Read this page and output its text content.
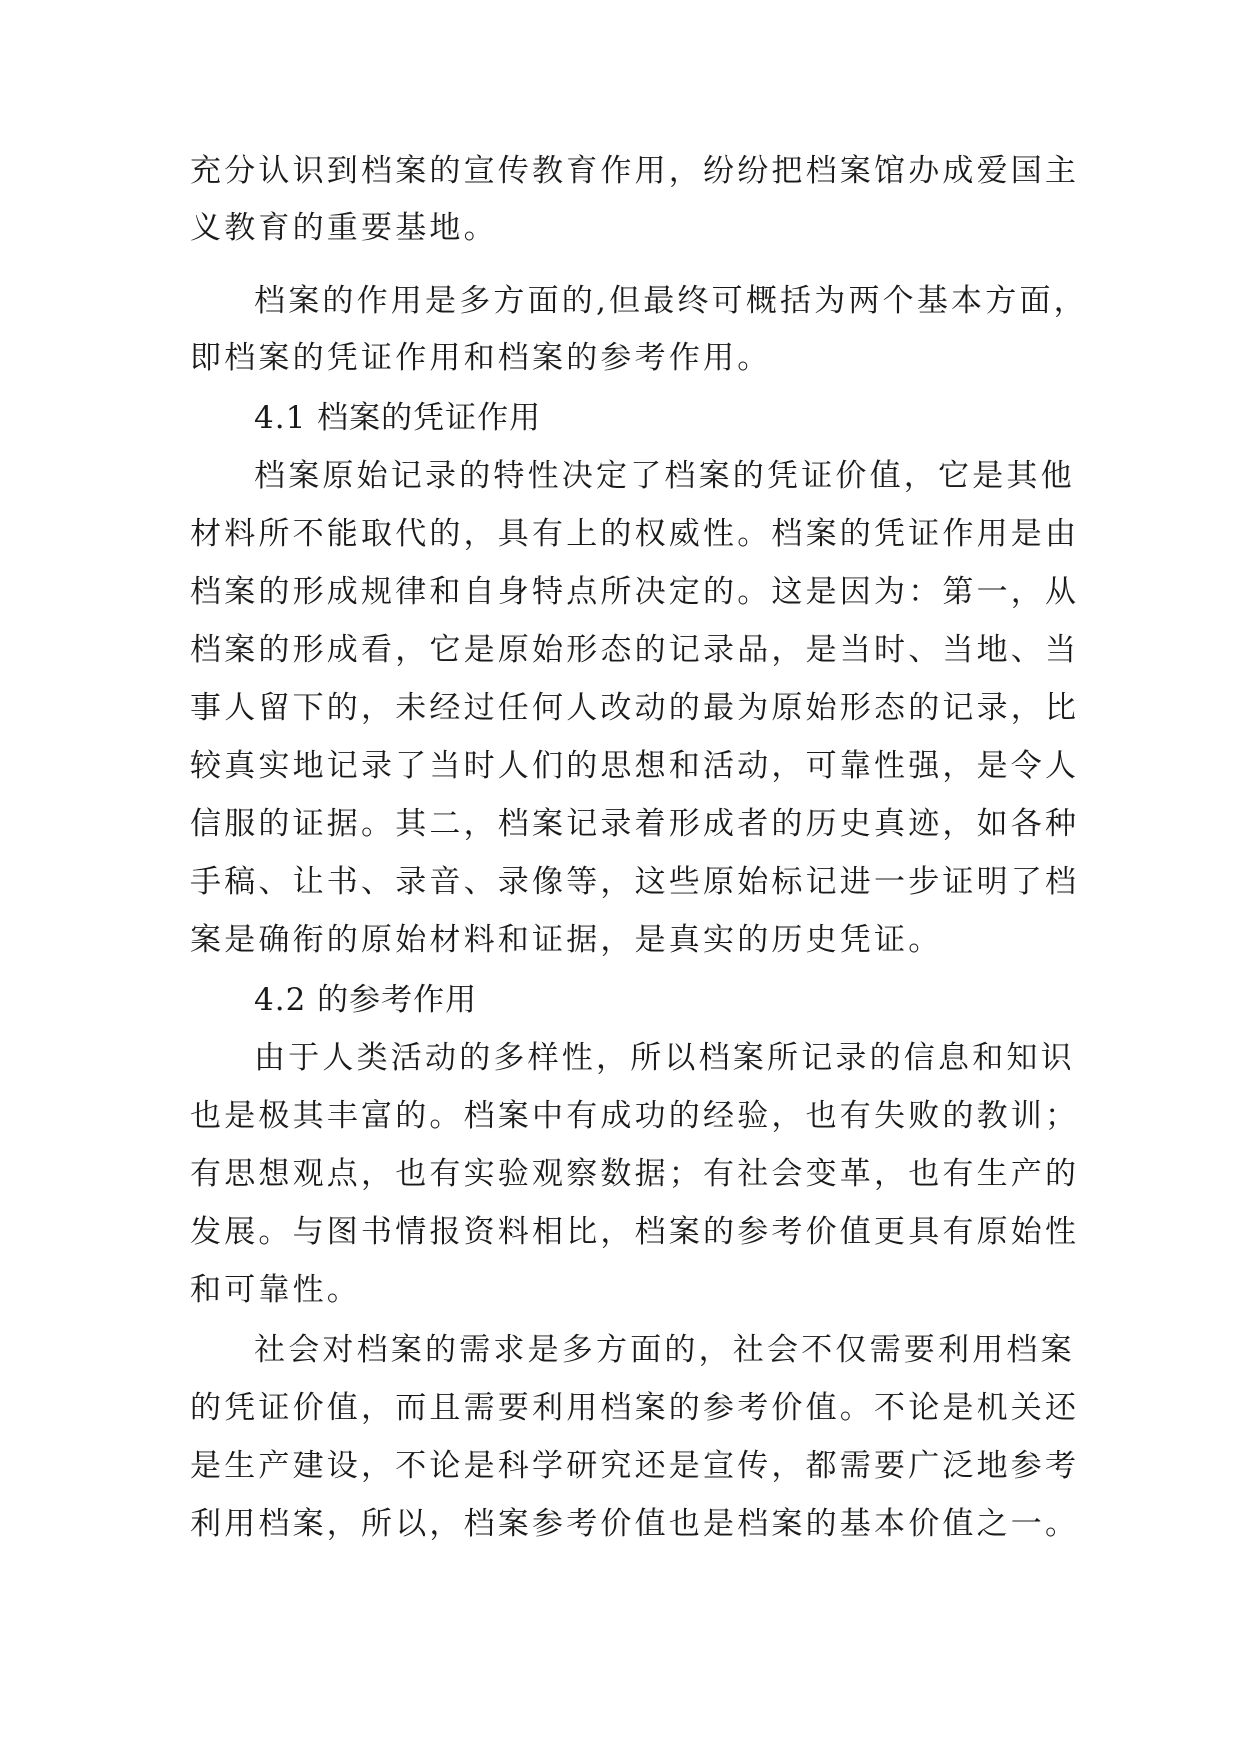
充分认识到档案的宣传教育作用，纷纷把档案馆办成爱国主
义教育的重要基地。
档案的作用是多方面的,但最终可概括为两个基本方面，
即档案的凭证作用和档案的参考作用。
4.1 档案的凭证作用
档案原始记录的特性决定了档案的凭证价值，它是其他
材料所不能取代的，具有上的权威性。档案的凭证作用是由
档案的形成规律和自身特点所决定的。这是因为：第一，从
档案的形成看，它是原始形态的记录品，是当时、当地、当
事人留下的，未经过任何人改动的最为原始形态的记录，比
较真实地记录了当时人们的思想和活动，可靠性强，是令人
信服的证据。其二，档案记录着形成者的历史真迹，如各种
手稿、让书、录音、录像等，这些原始标记进一步证明了档
案是确衔的原始材料和证据，是真实的历史凭证。
4.2 的参考作用
由于人类活动的多样性，所以档案所记录的信息和知识
也是极其丰富的。档案中有成功的经验，也有失败的教训；
有思想观点，也有实验观察数据；有社会变革，也有生产的
发展。与图书情报资料相比，档案的参考价值更具有原始性
和可靠性。
社会对档案的需求是多方面的，社会不仅需要利用档案
的凭证价值，而且需要利用档案的参考价值。不论是机关还
是生产建设，不论是科学研究还是宣传，都需要广泛地参考
利用档案，所以，档案参考价值也是档案的基本价值之一。
